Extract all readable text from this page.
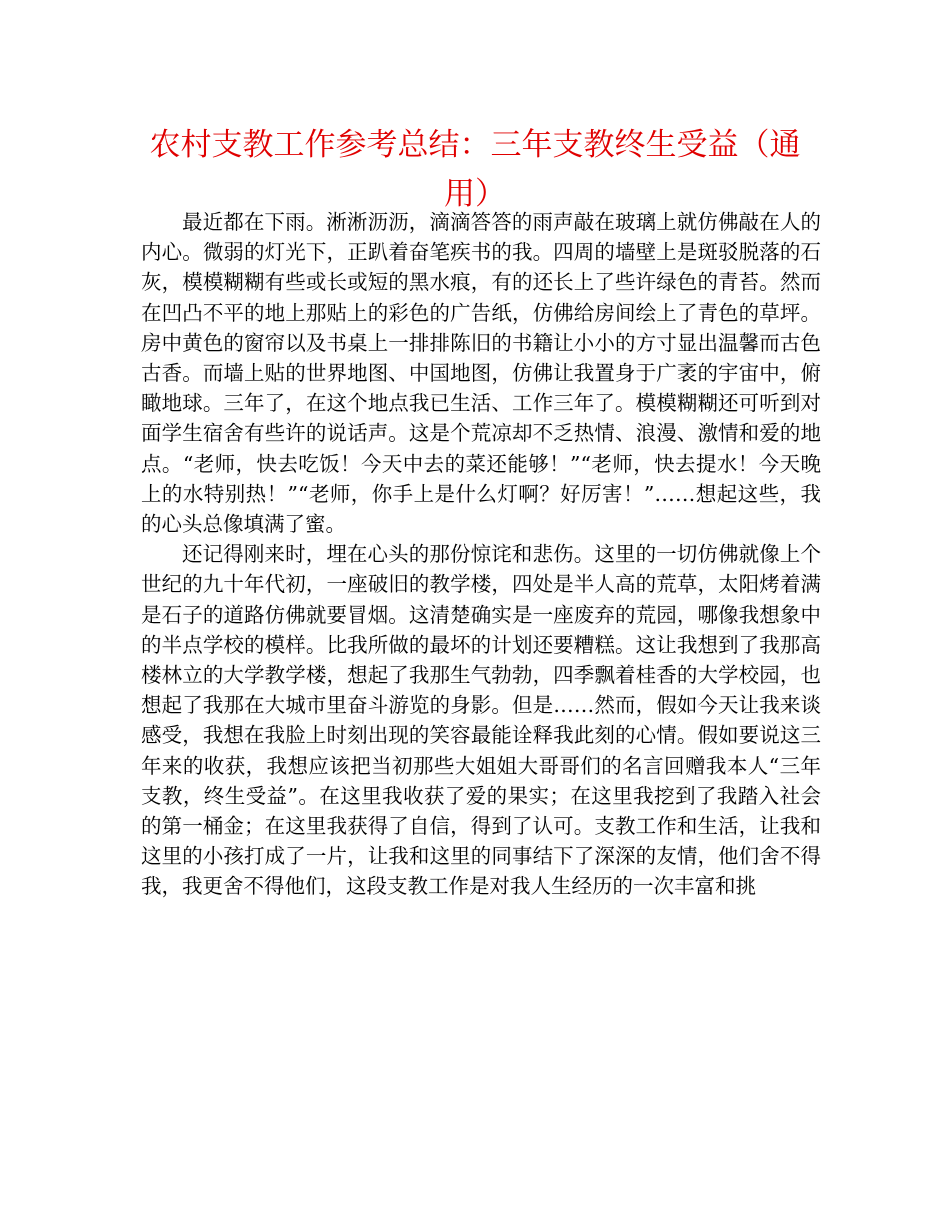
农村支教工作参考总结：三年支教终生受益（通用）

最近都在下雨。淅淅沥沥，滴滴答答的雨声敲在玻璃上就仿佛敲在人的内心。微弱的灯光下，正趴着奋笔疾书的我。四周的墙壁上是斑驳脱落的石灰，模模糊糊有些或长或短的黑水痕，有的还长上了些许绿色的青苔。然而在凹凸不平的地上那贴上的彩色的广告纸，仿佛给房间绘上了青色的草坪。房中黄色的窗帘以及书桌上一排排陈旧的书籍让小小的方寸显出温馨而古色古香。而墙上贴的世界地图、中国地图，仿佛让我置身于广袤的宇宙中，俯瞰地球。三年了，在这个地点我已生活、工作三年了。模模糊糊还可听到对面学生宿舍有些许的说话声。这是个荒凉却不乏热情、浪漫、激情和爱的地点。“老师，快去吃饭！今天中去的菜还能够！”“老师，快去提水！今天晚上的水特别热！”“老师，你手上是什么灯啊？好厉害！”……想起这些，我的心头总像填满了蜜。

还记得刚来时，埋在心头的那份惊诧和悲伤。这里的一切仿佛就像上个世纪的九十年代初，一座破旧的教学楼，四处是半人高的荒草，太阳烤着满是石子的道路仿佛就要冒烟。这清楚确实是一座废弃的荒园，哪像我想象中的半点学校的模样。比我所做的最坏的计划还要糟糕。这让我想到了我那高楼林立的大学教学楼，想起了我那生气勃勃，四季飘着桂香的大学校园，也想起了我那在大城市里奋斗游览的身影。但是……然而，假如今天让我来谈感受，我想在我脸上时刻出现的笑容最能诠释我此刻的心情。假如要说这三年来的收获，我想应该把当初那些大姐姐大哥哥们的名言回赠我本人“三年支教，终生受益”。在这里我收获了爱的果实；在这里我挖到了我踏入社会的第一桶金；在这里我获得了自信，得到了认可。支教工作和生活，让我和这里的小孩打成了一片，让我和这里的同事结下了深深的友情，他们舍不得我，我更舍不得他们，这段支教工作是对我人生经历的一次丰富和挑
